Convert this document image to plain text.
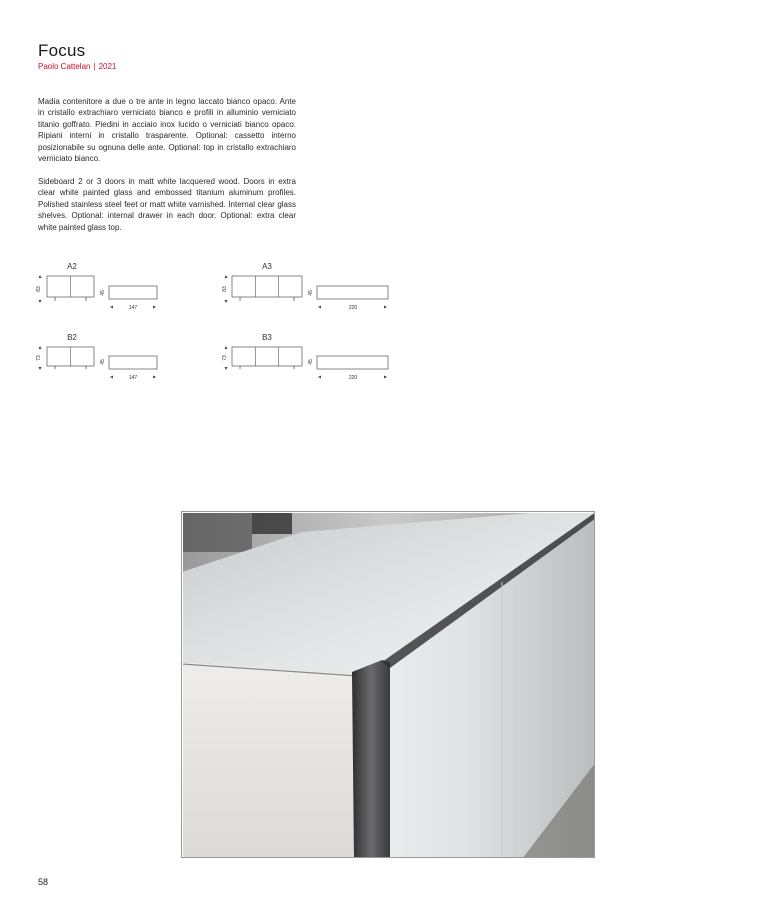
Focus
Paolo Cattelan | 2021

Madia contenitore a due o tre ante in legno laccato bianco opaco. Ante in cristallo extrachiaro verniciato bianco e profili in alluminio verniciato titanio goffrato. Piedini in acciaio inox lucido o verniciati bianco opaco. Ripiani interni in cristallo trasparente. Optional: cassetto interno posizionabile su ognuna delle ante. Optional: top in cristallo extrachiaro verniciato bianco.

Sideboard 2 or 3 doors in matt white lacquered wood. Doors in extra clear white painted glass and embossed titanium aluminum profiles. Polished stainless steel feet or matt white varnished. Internal clear glass shelves. Optional: internal drawer in each door. Optional: extra clear white painted glass top.

A2
83
45
147
A3
83
45
220
B2
73
45
147
B3
73
45
220
58
